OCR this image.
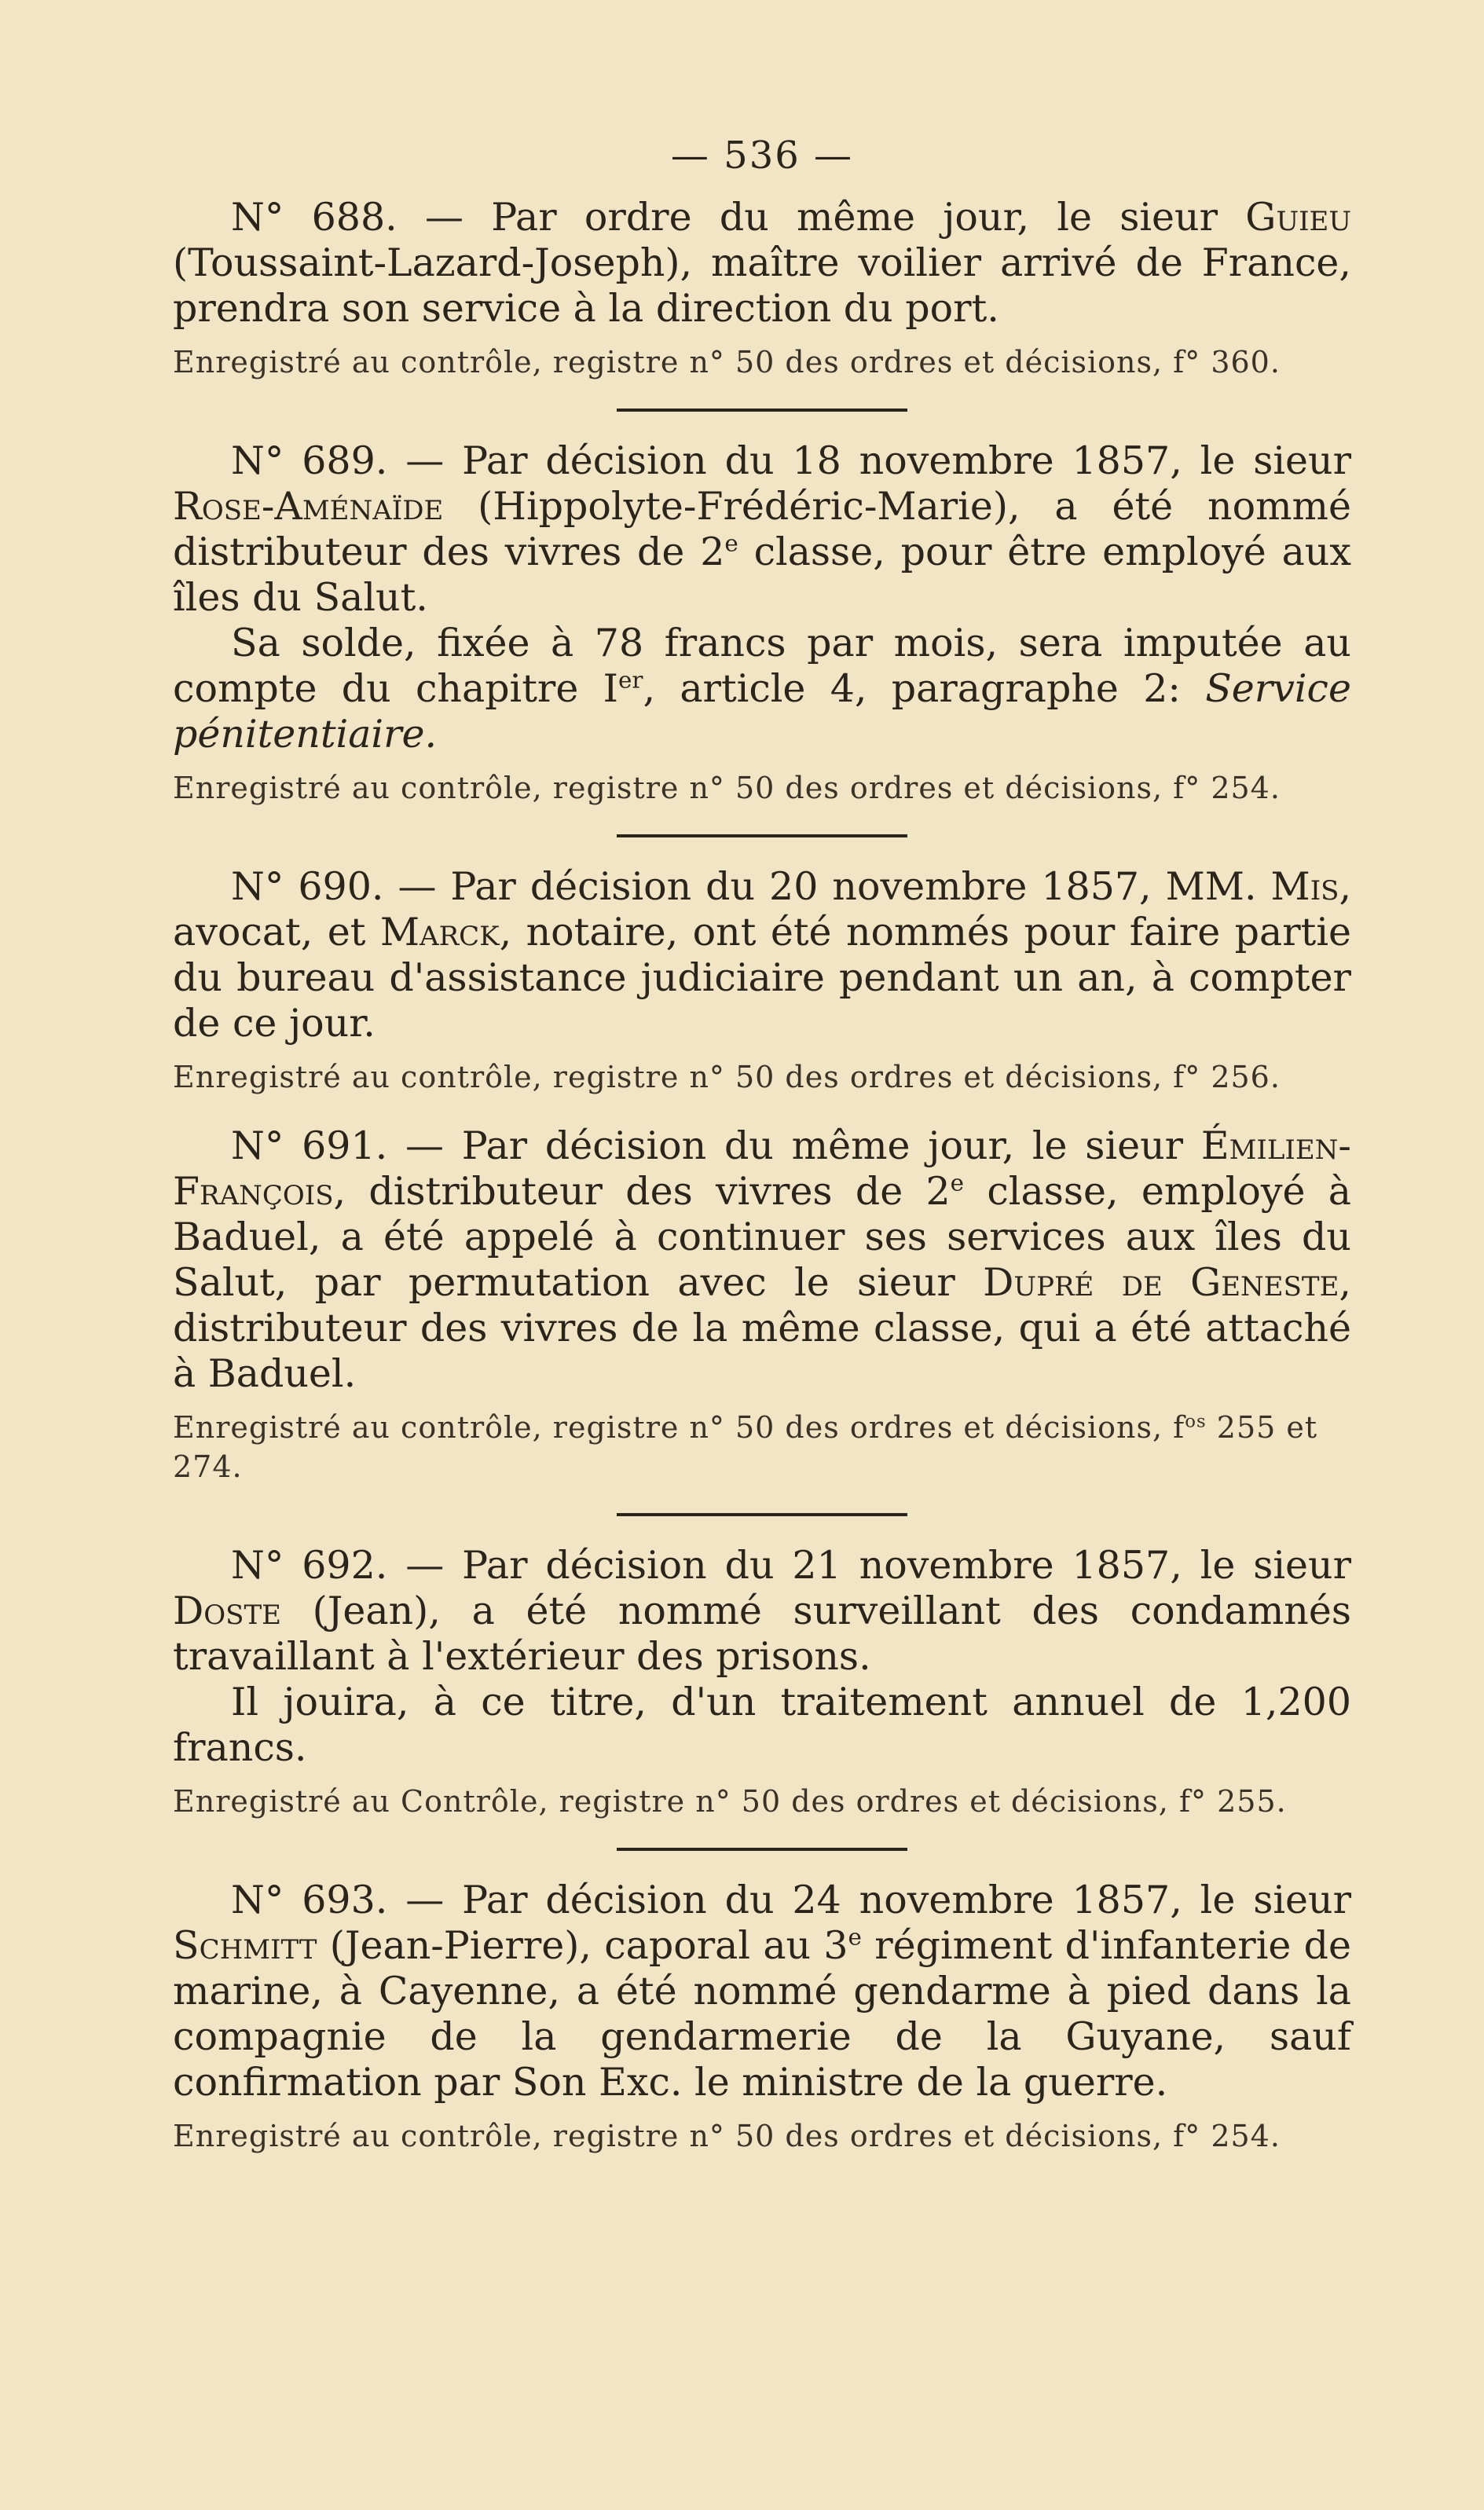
— 536 —

N° 688. — Par ordre du même jour, le sieur Guieu (Toussaint-Lazard-Joseph), maître voilier arrivé de France, prendra son service à la direction du port.

Enregistré au contrôle, registre n° 50 des ordres et décisions, f° 360.

N° 689. — Par décision du 18 novembre 1857, le sieur Rose-Aménaïde (Hippolyte-Frédéric-Marie), a été nommé distributeur des vivres de 2e classe, pour être employé aux îles du Salut.

Sa solde, fixée à 78 francs par mois, sera imputée au compte du chapitre Ier, article 4, paragraphe 2: Service pénitentiaire.

Enregistré au contrôle, registre n° 50 des ordres et décisions, f° 254.

N° 690. — Par décision du 20 novembre 1857, MM. Mis, avocat, et Marck, notaire, ont été nommés pour faire partie du bureau d'assistance judiciaire pendant un an, à compter de ce jour.

Enregistré au contrôle, registre n° 50 des ordres et décisions, f° 256.

N° 691. — Par décision du même jour, le sieur Émilien-François, distributeur des vivres de 2e classe, employé à Baduel, a été appelé à continuer ses services aux îles du Salut, par permutation avec le sieur Dupré de Geneste, distributeur des vivres de la même classe, qui a été attaché à Baduel.

Enregistré au contrôle, registre n° 50 des ordres et décisions, $f^{os}$ 255 et 274.

N° 692. — Par décision du 21 novembre 1857, le sieur Doste (Jean), a été nommé surveillant des condamnés travaillant à l'extérieur des prisons.

Il jouira, à ce titre, d'un traitement annuel de 1,200 francs.

Enregistré au Contrôle, registre n° 50 des ordres et décisions, f° 255.

N° 693. — Par décision du 24 novembre 1857, le sieur Schmitt (Jean-Pierre), caporal au 3e régiment d'infanterie de marine, à Cayenne, a été nommé gendarme à pied dans la compagnie de la gendarmerie de la Guyane, sauf confirmation par Son Exc. le ministre de la guerre.

Enregistré au contrôle, registre n° 50 des ordres et décisions, f° 254.
